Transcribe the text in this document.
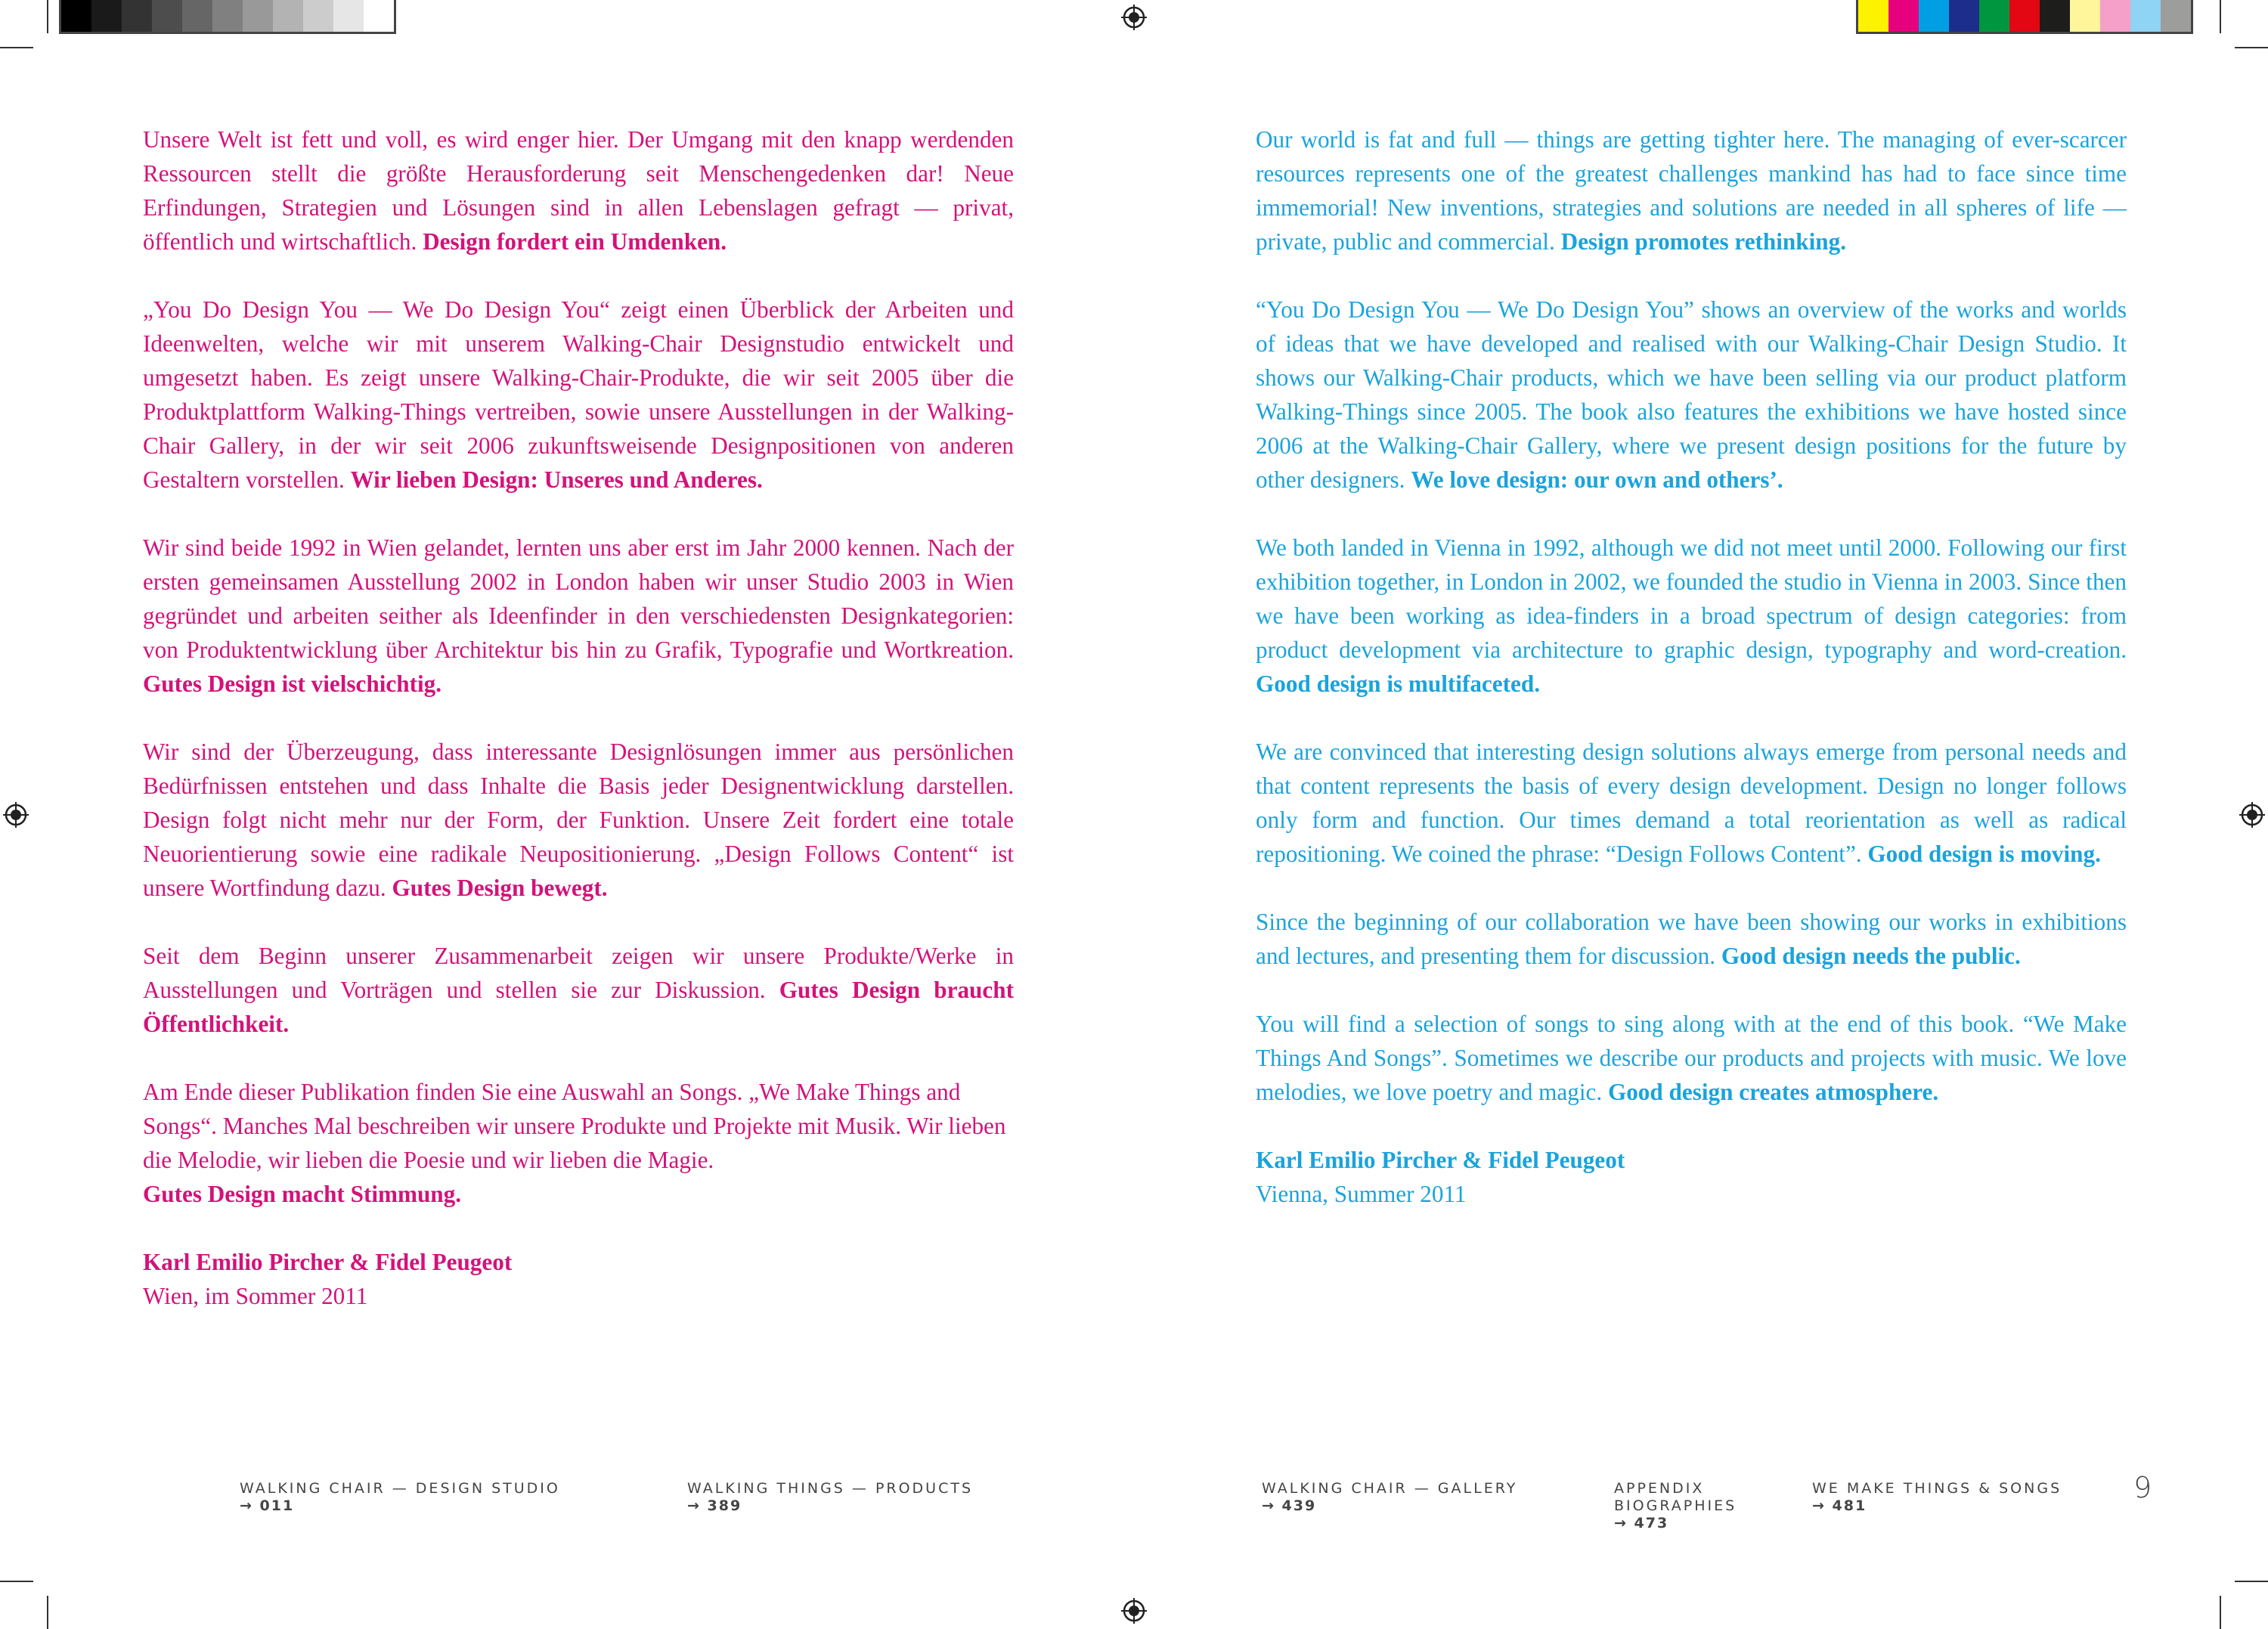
Unsere Welt ist fett und voll, es wird enger hier. Der Umgang mit den knapp werdenden Ressourcen stellt die größte Herausforderung seit Menschengedenken dar! Neue Erfindungen, Strategien und Lösungen sind in allen Lebenslagen gefragt — privat, öffentlich und wirtschaftlich. Design fordert ein Umdenken.

„You Do Design You — We Do Design You“ zeigt einen Überblick der Arbeiten und Ideenwelten, welche wir mit unserem Walking-Chair Designstudio entwickelt und umgesetzt haben. Es zeigt unsere Walking-Chair-Produkte, die wir seit 2005 über die Produktplattform Walking-Things vertreiben, sowie unsere Ausstellungen in der Walking-Chair Gallery, in der wir seit 2006 zukunftsweisende Designpositionen von anderen Gestaltern vorstellen. Wir lieben Design: Unseres und Anderes.

Wir sind beide 1992 in Wien gelandet, lernten uns aber erst im Jahr 2000 kennen. Nach der ersten gemeinsamen Ausstellung 2002 in London haben wir unser Studio 2003 in Wien gegründet und arbeiten seither als Ideenfinder in den verschiedensten Designkategorien: von Produktentwicklung über Architektur bis hin zu Grafik, Typografie und Wortkreation. Gutes Design ist vielschichtig.

Wir sind der Überzeugung, dass interessante Designlösungen immer aus persönlichen Bedürfnissen entstehen und dass Inhalte die Basis jeder Designentwicklung darstellen. Design folgt nicht mehr nur der Form, der Funktion. Unsere Zeit fordert eine totale Neuorientierung sowie eine radikale Neupositionierung. „Design Follows Content“ ist unsere Wortfindung dazu. Gutes Design bewegt.

Seit dem Beginn unserer Zusammenarbeit zeigen wir unsere Produkte/Werke in Ausstellungen und Vorträgen und stellen sie zur Diskussion. Gutes Design braucht Öffentlichkeit.

Am Ende dieser Publikation finden Sie eine Auswahl an Songs. „We Make Things and Songs“. Manches Mal beschreiben wir unsere Produkte und Projekte mit Musik. Wir lieben die Melodie, wir lieben die Poesie und wir lieben die Magie.
Gutes Design macht Stimmung.

Karl Emilio Pircher & Fidel Peugeot
Wien, im Sommer 2011

Our world is fat and full — things are getting tighter here. The managing of ever-scarcer resources represents one of the greatest challenges mankind has had to face since time immemorial! New inventions, strategies and solutions are needed in all spheres of life — private, public and commercial. Design promotes rethinking.

“You Do Design You — We Do Design You” shows an overview of the works and worlds of ideas that we have developed and realised with our Walking-Chair Design Studio. It shows our Walking-Chair products, which we have been selling via our product platform Walking-Things since 2005. The book also features the exhibitions we have hosted since 2006 at the Walking-Chair Gallery, where we present design positions for the future by other designers. We love design: our own and others’.

We both landed in Vienna in 1992, although we did not meet until 2000. Following our first exhibition together, in London in 2002, we founded the studio in Vienna in 2003. Since then we have been working as idea-finders in a broad spectrum of design categories: from product development via architecture to graphic design, typography and word-creation. Good design is multifaceted.

We are convinced that interesting design solutions always emerge from personal needs and that content represents the basis of every design development. Design no longer follows only form and function. Our times demand a total reorientation as well as radical repositioning. We coined the phrase: “Design Follows Content”. Good design is moving.

Since the beginning of our collaboration we have been showing our works in exhibitions and lectures, and presenting them for discussion. Good design needs the public.

You will find a selection of songs to sing along with at the end of this book. “We Make Things And Songs”. Sometimes we describe our products and projects with music. We love melodies, we love poetry and magic. Good design creates atmosphere.

Karl Emilio Pircher & Fidel Peugeot
Vienna, Summer 2011

WALKING CHAIR — DESIGN STUDIO
→ 011
WALKING THINGS — PRODUCTS
→ 389
WALKING CHAIR — GALLERY
→ 439
APPENDIX
BIOGRAPHIES
→ 473
WE MAKE THINGS & SONGS
→ 481
9
